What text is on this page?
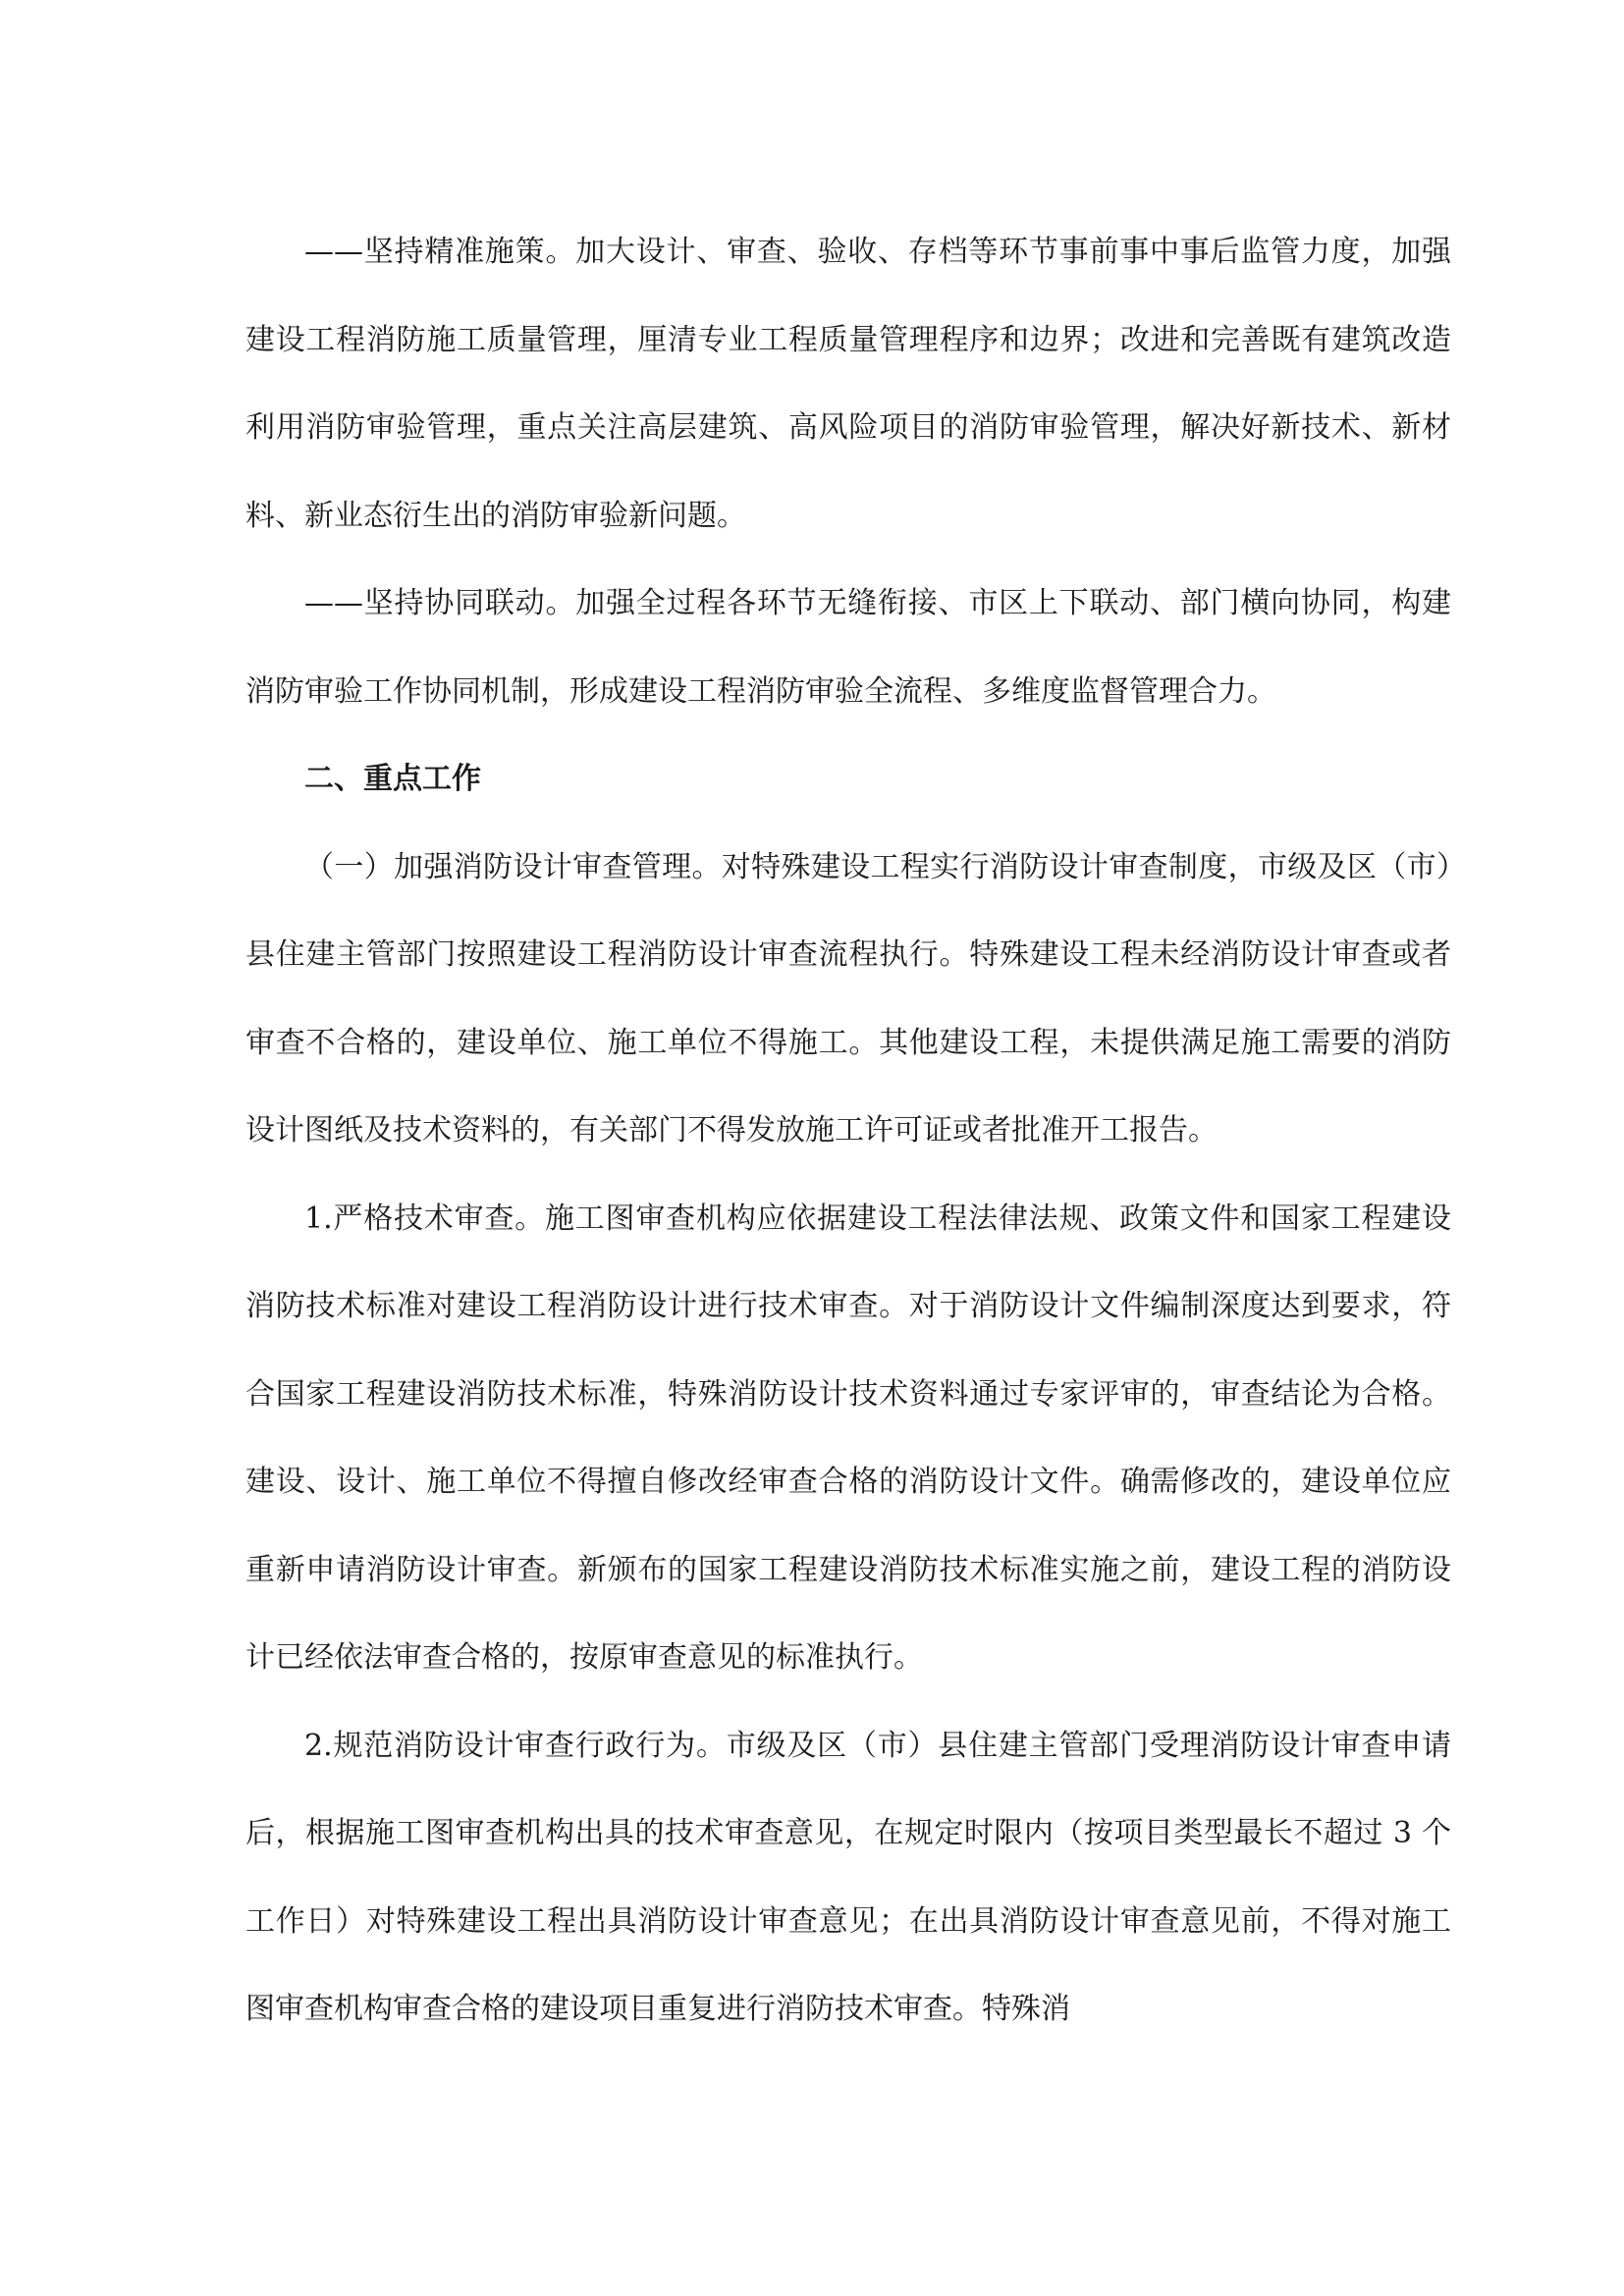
——坚持精准施策。加大设计、审查、验收、存档等环节事前事中事后监管力度，加强建设工程消防施工质量管理，厘清专业工程质量管理程序和边界；改进和完善既有建筑改造利用消防审验管理，重点关注高层建筑、高风险项目的消防审验管理，解决好新技术、新材料、新业态衍生出的消防审验新问题。

——坚持协同联动。加强全过程各环节无缝衔接、市区上下联动、部门横向协同，构建消防审验工作协同机制，形成建设工程消防审验全流程、多维度监督管理合力。

二、重点工作

（一）加强消防设计审查管理。对特殊建设工程实行消防设计审查制度，市级及区（市）县住建主管部门按照建设工程消防设计审查流程执行。特殊建设工程未经消防设计审查或者审查不合格的，建设单位、施工单位不得施工。其他建设工程，未提供满足施工需要的消防设计图纸及技术资料的，有关部门不得发放施工许可证或者批准开工报告。

1.严格技术审查。施工图审查机构应依据建设工程法律法规、政策文件和国家工程建设消防技术标准对建设工程消防设计进行技术审查。对于消防设计文件编制深度达到要求，符合国家工程建设消防技术标准，特殊消防设计技术资料通过专家评审的，审查结论为合格。建设、设计、施工单位不得擅自修改经审查合格的消防设计文件。确需修改的，建设单位应重新申请消防设计审查。新颁布的国家工程建设消防技术标准实施之前，建设工程的消防设计已经依法审查合格的，按原审查意见的标准执行。

2.规范消防设计审查行政行为。市级及区（市）县住建主管部门受理消防设计审查申请后，根据施工图审查机构出具的技术审查意见，在规定时限内（按项目类型最长不超过 3 个工作日）对特殊建设工程出具消防设计审查意见；在出具消防设计审查意见前，不得对施工图审查机构审查合格的建设项目重复进行消防技术审查。特殊消
